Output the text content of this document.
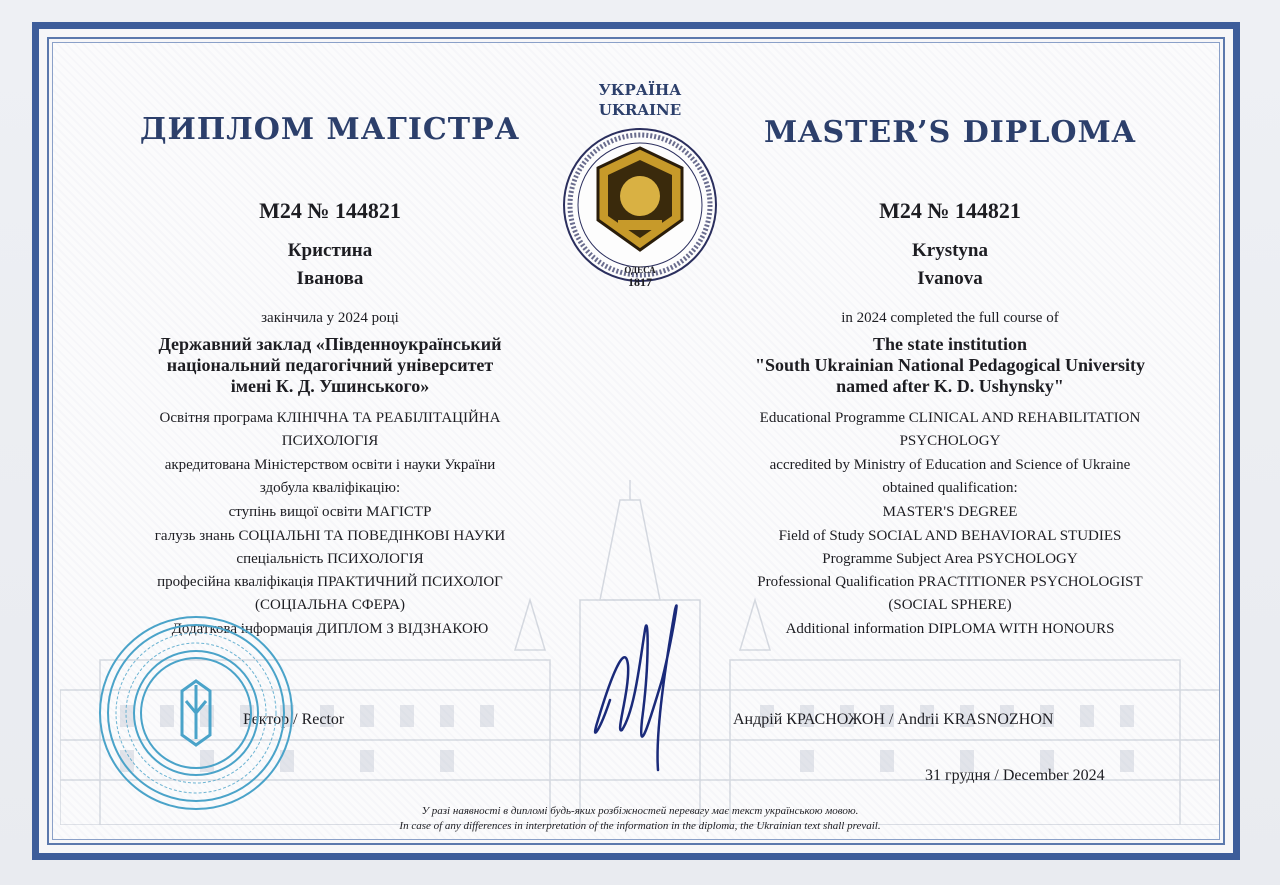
ДИПЛОМ МАГІСТРА
M24 № 144821
Кристина
Іванова
закінчила у 2024 році
Державний заклад «Південноукраїнський
національний педагогічний університет
імені К. Д. Ушинського»
Освітня програма КЛІНІЧНА ТА РЕАБІЛІТАЦІЙНА
ПСИХОЛОГІЯ
акредитована Міністерством освіти і науки України
здобула кваліфікацію:
ступінь вищої освіти МАГІСТР
галузь знань СОЦІАЛЬНІ ТА ПОВЕДІНКОВІ НАУКИ
спеціальність ПСИХОЛОГІЯ
професійна кваліфікація ПРАКТИЧНИЙ ПСИХОЛОГ
(СОЦІАЛЬНА СФЕРА)
Додаткова інформація ДИПЛОМ З ВІДЗНАКОЮ
Ректор / Rector
УКРАЇНА
UKRAINE
ОДЕСА
1817
MASTER’S DIPLOMA
M24 № 144821
Krystyna
Ivanova
in 2024 completed the full course of
The state institution
"South Ukrainian National Pedagogical University
named after K. D. Ushynsky"
Educational Programme CLINICAL AND REHABILITATION
PSYCHOLOGY
accredited by Ministry of Education and Science of Ukraine
obtained qualification:
MASTER'S DEGREE
Field of Study SOCIAL AND BEHAVIORAL STUDIES
Programme Subject Area PSYCHOLOGY
Professional Qualification PRACTITIONER PSYCHOLOGIST
(SOCIAL SPHERE)
Additional information DIPLOMA WITH HONOURS
Андрій КРАСНОЖОН / Andrii KRASNOZHON
31 грудня / December 2024
У разі наявності в дипломі будь-яких розбіжностей перевагу має текст українською мовою.
In case of any differences in interpretation of the information in the diploma, the Ukrainian text shall prevail.
